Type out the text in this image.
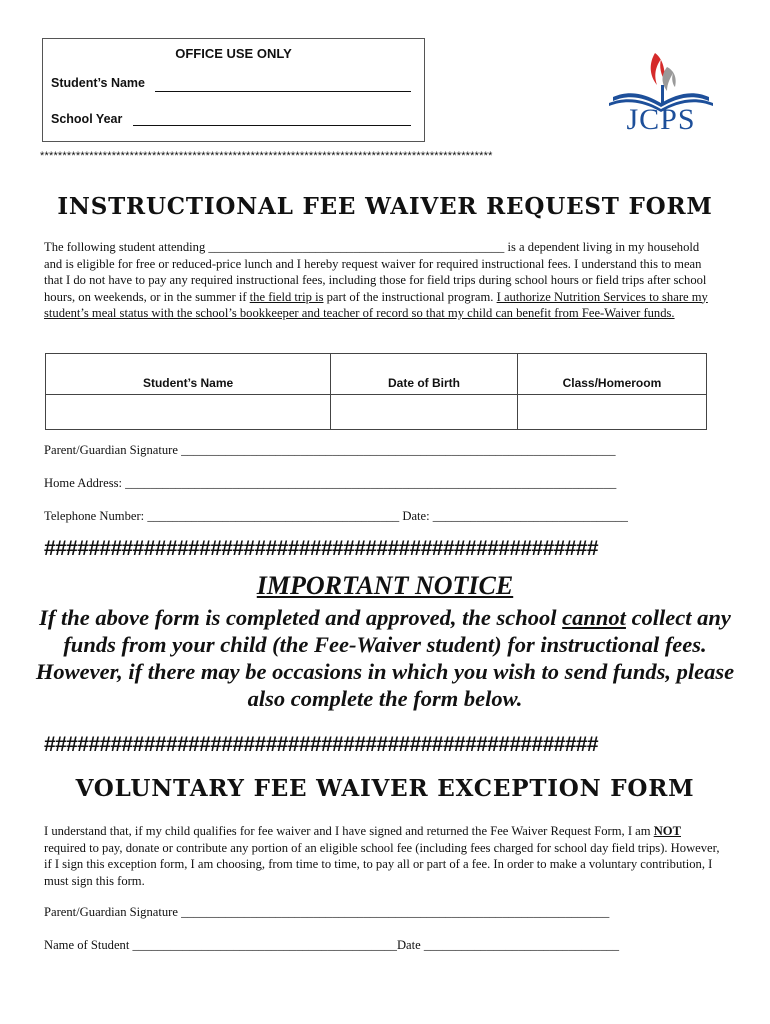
OFFICE USE ONLY
Student’s Name
School Year	JCPS
*****************************************************************************************************
INSTRUCTIONAL FEE WAIVER REQUEST FORM
The following student attending _______________________________________________ is a dependent living in my household and is eligible for free or reduced-price lunch and I hereby request waiver for required instructional fees. I understand this to mean that I do not have to pay any required instructional fees, including those for field trips during school hours or field trips after school hours, on weekends, or in the summer if the field trip is part of the instructional program. I authorize Nutrition Services to share my student’s meal status with the school’s bookkeeper and teacher of record so that my child can benefit from Fee-Waiver funds.
Student’s Name	Date of Birth	Class/Homeroom

Parent/Guardian Signature _____________________________________________________________________
Home Address: ______________________________________________________________________________
Telephone Number: ________________________________________ Date: _______________________________
##################################################
IMPORTANT NOTICE
If the above form is completed and approved, the school cannot collect any funds from your child (the Fee-Waiver student) for instructional fees. However, if there may be occasions in which you wish to send funds, please also complete the form below.
##################################################
VOLUNTARY FEE WAIVER EXCEPTION FORM
I understand that, if my child qualifies for fee waiver and I have signed and returned the Fee Waiver Request Form, I am NOT required to pay, donate or contribute any portion of an eligible school fee (including fees charged for school day field trips). However, if I sign this exception form, I am choosing, from time to time, to pay all or part of a fee. In order to make a voluntary contribution, I must sign this form.
Parent/Guardian Signature ____________________________________________________________________
Name of Student __________________________________________Date _______________________________
